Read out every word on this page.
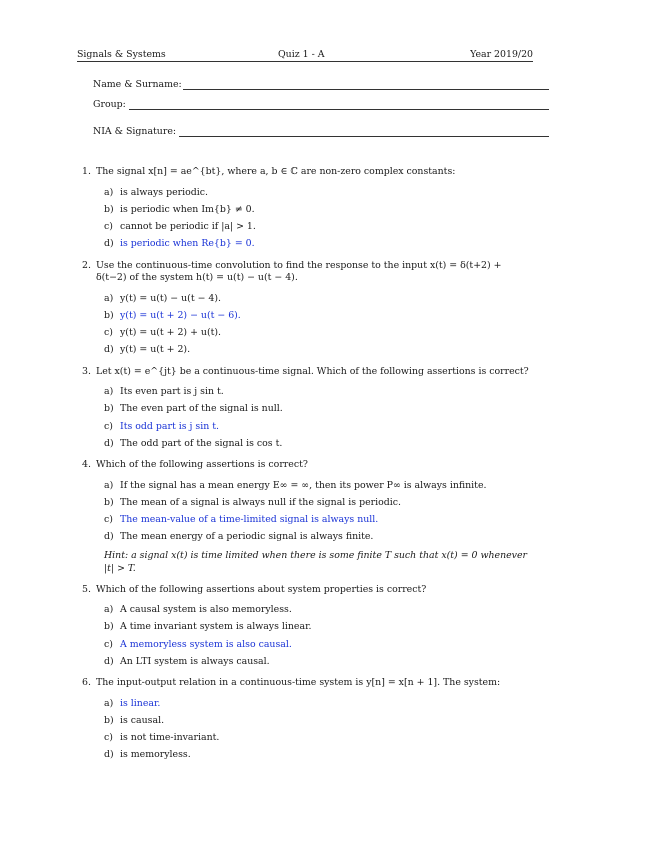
Signals & Systems	Quiz 1 - A	Year 2019/20
Name & Surname:
Group:
NIA & Signature:
1. The signal x[n] = ae^{bt}, where a, b ∈ ℂ are non-zero complex constants:
a) is always periodic.
b) is periodic when Im{b} ≠ 0.
c) cannot be periodic if |a| > 1.
d) is periodic when Re{b} = 0.
2. Use the continuous-time convolution to find the response to the input x(t) = δ(t+2) + δ(t−2) of the system h(t) = u(t) − u(t − 4).
a) y(t) = u(t) − u(t − 4).
b) y(t) = u(t + 2) − u(t − 6).
c) y(t) = u(t + 2) + u(t).
d) y(t) = u(t + 2).
3. Let x(t) = e^{jt} be a continuous-time signal. Which of the following assertions is correct?
a) Its even part is j sin t.
b) The even part of the signal is null.
c) Its odd part is j sin t.
d) The odd part of the signal is cos t.
4. Which of the following assertions is correct?
a) If the signal has a mean energy E∞ = ∞, then its power P∞ is always infinite.
b) The mean of a signal is always null if the signal is periodic.
c) The mean-value of a time-limited signal is always null.
d) The mean energy of a periodic signal is always finite.
Hint: a signal x(t) is time limited when there is some finite T such that x(t) = 0 whenever |t| > T.
5. Which of the following assertions about system properties is correct?
a) A causal system is also memoryless.
b) A time invariant system is always linear.
c) A memoryless system is also causal.
d) An LTI system is always causal.
6. The input-output relation in a continuous-time system is y[n] = x[n + 1]. The system:
a) is linear.
b) is causal.
c) is not time-invariant.
d) is memoryless.
